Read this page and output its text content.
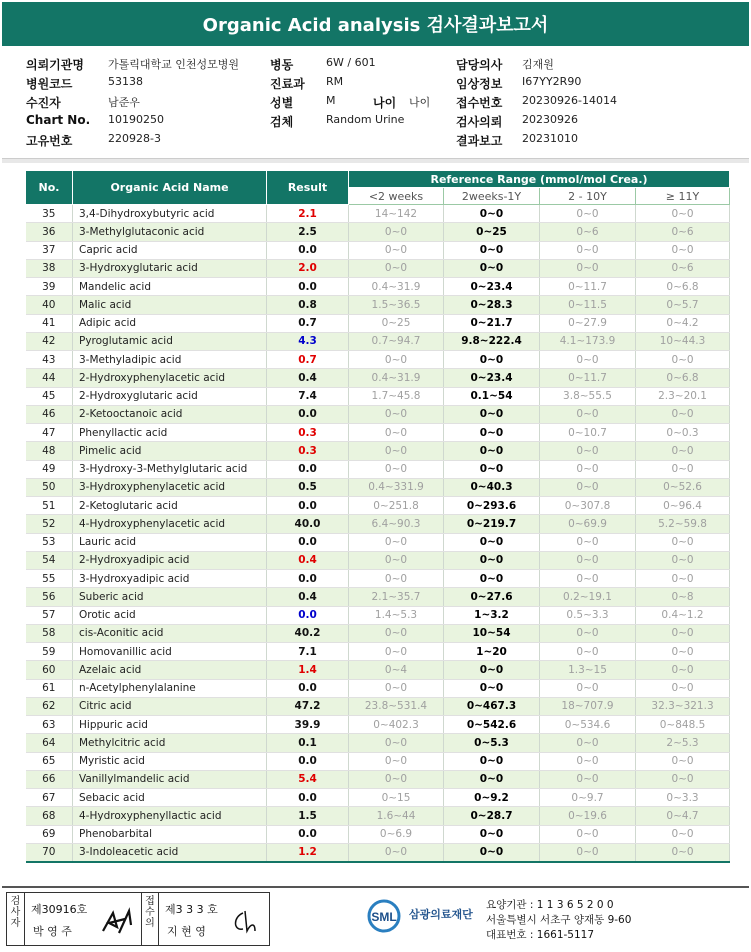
Organic Acid analysis 검사결과보고서
의뢰기관명 가톨릭대학교 인천성모병원	병동	6W / 601	담당의사 김재원
병원코드	53138	진료과 RM	임상정보 I67YY2R90
수진자	남준우	성별	M	나이 나이 접수번호 20230926-14014
Chart No. 10190250	검체	Random Urine	검사의뢰 20230926
고유번호	220928-3	결과보고 20231010
No.	Organic Acid Name	Result	Reference Range (mmol/mol Crea.)			
			<2 weeks	2weeks-1Y	2 - 10Y	≥ 11Y
35	3,4-Dihydroxybutyric acid	2.1	14~142	0~0	0~0	0~0
36	3-Methylglutaconic acid	2.5	0~0	0~25	0~6	0~6
37	Capric acid	0.0	0~0	0~0	0~0	0~0
38	3-Hydroxyglutaric acid	2.0	0~0	0~0	0~0	0~6
39	Mandelic acid	0.0	0.4~31.9	0~23.4	0~11.7	0~6.8
40	Malic acid	0.8	1.5~36.5	0~28.3	0~11.5	0~5.7
41	Adipic acid	0.7	0~25	0~21.7	0~27.9	0~4.2
42	Pyroglutamic acid	4.3	0.7~94.7	9.8~222.4	4.1~173.9	10~44.3
43	3-Methyladipic acid	0.7	0~0	0~0	0~0	0~0
44	2-Hydroxyphenylacetic acid	0.4	0.4~31.9	0~23.4	0~11.7	0~6.8
45	2-Hydroxyglutaric acid	7.4	1.7~45.8	0.1~54	3.8~55.5	2.3~20.1
46	2-Ketooctanoic acid	0.0	0~0	0~0	0~0	0~0
47	Phenyllactic acid	0.3	0~0	0~0	0~10.7	0~0.3
48	Pimelic acid	0.3	0~0	0~0	0~0	0~0
49	3-Hydroxy-3-Methylglutaric acid	0.0	0~0	0~0	0~0	0~0
50	3-Hydroxyphenylacetic acid	0.5	0.4~331.9	0~40.3	0~0	0~52.6
51	2-Ketoglutaric acid	0.0	0~251.8	0~293.6	0~307.8	0~96.4
52	4-Hydroxyphenylacetic acid	40.0	6.4~90.3	0~219.7	0~69.9	5.2~59.8
53	Lauric acid	0.0	0~0	0~0	0~0	0~0
54	2-Hydroxyadipic acid	0.4	0~0	0~0	0~0	0~0
55	3-Hydroxyadipic acid	0.0	0~0	0~0	0~0	0~0
56	Suberic acid	0.4	2.1~35.7	0~27.6	0.2~19.1	0~8
57	Orotic acid	0.0	1.4~5.3	1~3.2	0.5~3.3	0.4~1.2
58	cis-Aconitic acid	40.2	0~0	10~54	0~0	0~0
59	Homovanillic acid	7.1	0~0	1~20	0~0	0~0
60	Azelaic acid	1.4	0~4	0~0	1.3~15	0~0
61	n-Acetylphenylalanine	0.0	0~0	0~0	0~0	0~0
62	Citric acid	47.2	23.8~531.4	0~467.3	18~707.9	32.3~321.3
63	Hippuric acid	39.9	0~402.3	0~542.6	0~534.6	0~848.5
64	Methylcitric acid	0.1	0~0	0~5.3	0~0	2~5.3
65	Myristic acid	0.0	0~0	0~0	0~0	0~0
66	Vanillylmandelic acid	5.4	0~0	0~0	0~0	0~0
67	Sebacic acid	0.0	0~15	0~9.2	0~9.7	0~3.3
68	4-Hydroxyphenyllactic acid	1.5	1.6~44	0~28.7	0~19.6	0~4.7
69	Phenobarbital	0.0	0~6.9	0~0	0~0	0~0
70	3-Indoleacetic acid	1.2	0~0	0~0	0~0	0~0
검사자
제30916호
박 영 주
접수의
제3 3 3 호
지 현 영
SML 삼광의료재단
요양기관 : 1 1 3 6 5 2 0 0
서울특별시 서초구 양재동 9-60
대표번호 : 1661-5117
